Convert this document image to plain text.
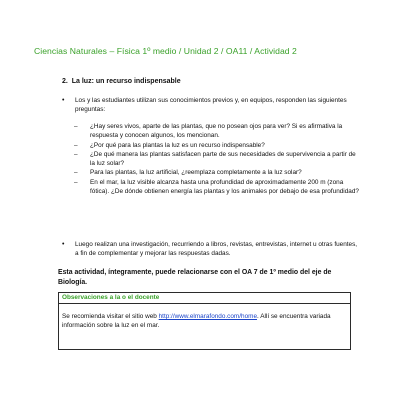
Ciencias Naturales – Física 1º medio / Unidad 2 / OA11 / Actividad 2
2. La luz: un recurso indispensable
• Los y las estudiantes utilizan sus conocimientos previos y, en equipos, responden las siguientes preguntas:
– ¿Hay seres vivos, aparte de las plantas, que no posean ojos para ver? Si es afirmativa la respuesta y conocen algunos, los mencionan.
– ¿Por qué para las plantas la luz es un recurso indispensable?
– ¿De qué manera las plantas satisfacen parte de sus necesidades de supervivencia a partir de la luz solar?
– Para las plantas, la luz artificial, ¿reemplaza completamente a la luz solar?
– En el mar, la luz visible alcanza hasta una profundidad de aproximadamente 200 m (zona fótica). ¿De dónde obtienen energía las plantas y los animales por debajo de esa profundidad?
• Luego realizan una investigación, recurriendo a libros, revistas, entrevistas, internet u otras fuentes, a fin de complementar y mejorar las respuestas dadas.
Esta actividad, íntegramente, puede relacionarse con el OA 7 de 1º medio del eje de Biología.
Observaciones a la o el docente
Se recomienda visitar el sitio web http://www.elmarafondo.com/home. Allí se encuentra variada información sobre la luz en el mar.
